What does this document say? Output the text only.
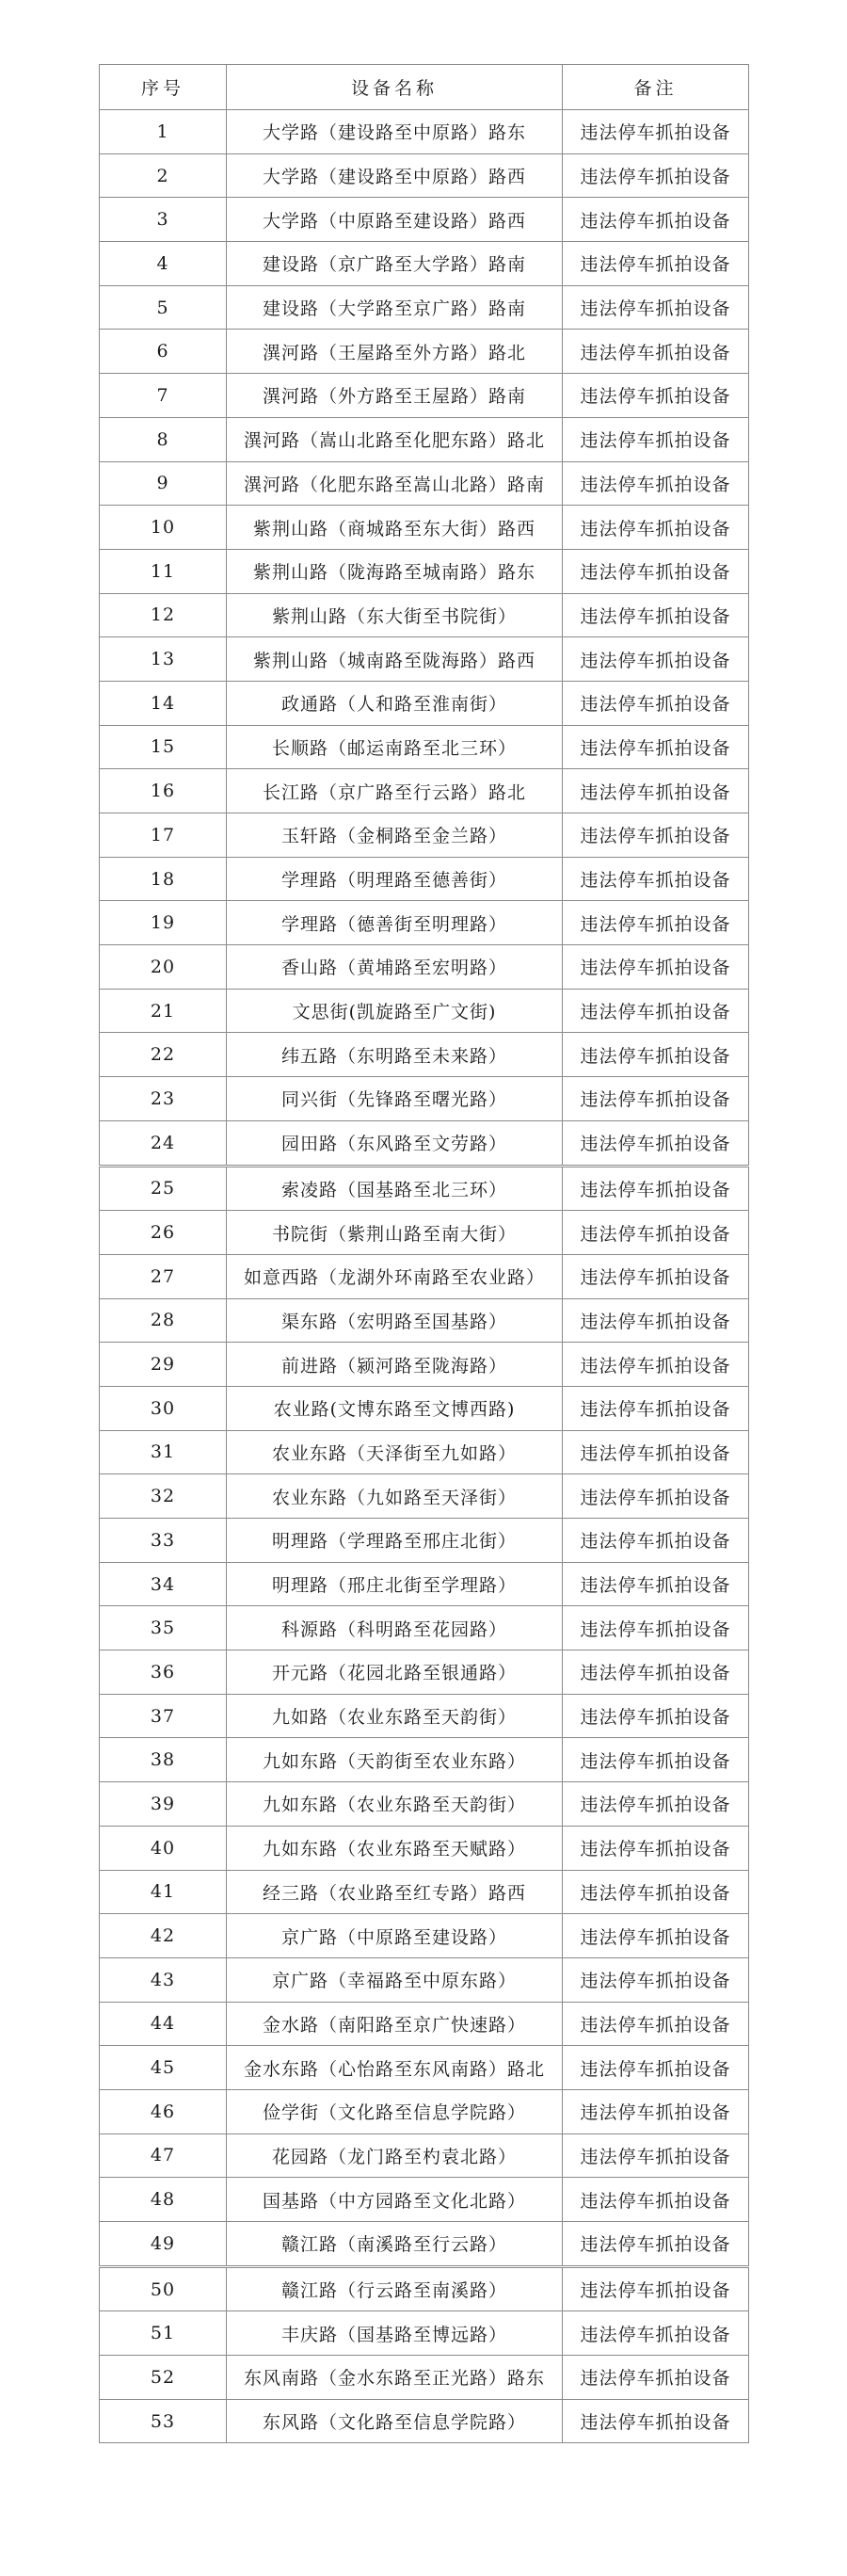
序号	设备名称	备注
1	大学路（建设路至中原路）路东	违法停车抓拍设备
2	大学路（建设路至中原路）路西	违法停车抓拍设备
3	大学路（中原路至建设路）路西	违法停车抓拍设备
4	建设路（京广路至大学路）路南	违法停车抓拍设备
5	建设路（大学路至京广路）路南	违法停车抓拍设备
6	潩河路（王屋路至外方路）路北	违法停车抓拍设备
7	潩河路（外方路至王屋路）路南	违法停车抓拍设备
8	潩河路（嵩山北路至化肥东路）路北	违法停车抓拍设备
9	潩河路（化肥东路至嵩山北路）路南	违法停车抓拍设备
10	紫荆山路（商城路至东大街）路西	违法停车抓拍设备
11	紫荆山路（陇海路至城南路）路东	违法停车抓拍设备
12	紫荆山路（东大街至书院街）	违法停车抓拍设备
13	紫荆山路（城南路至陇海路）路西	违法停车抓拍设备
14	政通路（人和路至淮南街）	违法停车抓拍设备
15	长顺路（邮运南路至北三环）	违法停车抓拍设备
16	长江路（京广路至行云路）路北	违法停车抓拍设备
17	玉轩路（金桐路至金兰路）	违法停车抓拍设备
18	学理路（明理路至德善街）	违法停车抓拍设备
19	学理路（德善街至明理路）	违法停车抓拍设备
20	香山路（黄埔路至宏明路）	违法停车抓拍设备
21	文思街(凯旋路至广文街)	违法停车抓拍设备
22	纬五路（东明路至未来路）	违法停车抓拍设备
23	同兴街（先锋路至曙光路）	违法停车抓拍设备
24	园田路（东风路至文劳路）	违法停车抓拍设备
25	索凌路（国基路至北三环）	违法停车抓拍设备
26	书院街（紫荆山路至南大街）	违法停车抓拍设备
27	如意西路（龙湖外环南路至农业路）	违法停车抓拍设备
28	渠东路（宏明路至国基路）	违法停车抓拍设备
29	前进路（颍河路至陇海路）	违法停车抓拍设备
30	农业路(文博东路至文博西路)	违法停车抓拍设备
31	农业东路（天泽街至九如路）	违法停车抓拍设备
32	农业东路（九如路至天泽街）	违法停车抓拍设备
33	明理路（学理路至邢庄北街）	违法停车抓拍设备
34	明理路（邢庄北街至学理路）	违法停车抓拍设备
35	科源路（科明路至花园路）	违法停车抓拍设备
36	开元路（花园北路至银通路）	违法停车抓拍设备
37	九如路（农业东路至天韵街）	违法停车抓拍设备
38	九如东路（天韵街至农业东路）	违法停车抓拍设备
39	九如东路（农业东路至天韵街）	违法停车抓拍设备
40	九如东路（农业东路至天赋路）	违法停车抓拍设备
41	经三路（农业路至红专路）路西	违法停车抓拍设备
42	京广路（中原路至建设路）	违法停车抓拍设备
43	京广路（幸福路至中原东路）	违法停车抓拍设备
44	金水路（南阳路至京广快速路）	违法停车抓拍设备
45	金水东路（心怡路至东风南路）路北	违法停车抓拍设备
46	俭学街（文化路至信息学院路）	违法停车抓拍设备
47	花园路（龙门路至杓袁北路）	违法停车抓拍设备
48	国基路（中方园路至文化北路）	违法停车抓拍设备
49	赣江路（南溪路至行云路）	违法停车抓拍设备
50	赣江路（行云路至南溪路）	违法停车抓拍设备
51	丰庆路（国基路至博远路）	违法停车抓拍设备
52	东风南路（金水东路至正光路）路东	违法停车抓拍设备
53	东风路（文化路至信息学院路）	违法停车抓拍设备
